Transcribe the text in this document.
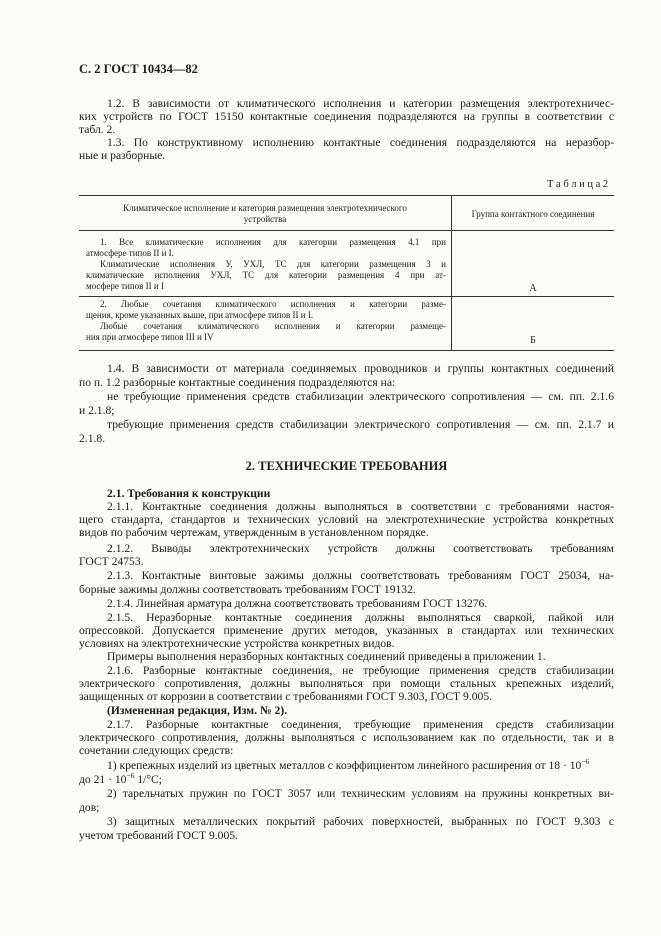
С. 2 ГОСТ 10434—82
1.2. В зависимости от климатического исполнения и категории размещения электротехничес-
ких устройств по ГОСТ 15150 контактные соединения подразделяются на группы в соответствии с
табл. 2.
1.3. По конструктивному исполнению контактные соединения подразделяются на неразбор-
ные и разборные.
Т а б л и ц а 2
Климатическое исполнение и категория размещения электротехнического
устройства	Группа контактного соединения
1. Все климатические исполнения для категории размещения 4.1 при
атмосфере типов II и I.
Климатические исполнения У, УХЛ, ТС для категории размещения 3 и
климатические исполнения УХЛ, ТС для категории размещения 4 при ат-
мосфере типов II и I	А
2. Любые сочетания климатического исполнения и категории разме-
щения, кроме указанных выше, при атмосфере типов II и I.
Любые сочетания климатического исполнения и категории размеще-
ния при атмосфере типов III и IV	Б
1.4. В зависимости от материала соединяемых проводников и группы контактных соединений
по п. 1.2 разборные контактные соединения подразделяются на:
не требующие применения средств стабилизации электрического сопротивления — см. пп. 2.1.6
и 2.1.8;
требующие применения средств стабилизации электрического сопротивления — см. пп. 2.1.7 и
2.1.8.
2. ТЕХНИЧЕСКИЕ ТРЕБОВАНИЯ
2.1. Требования к конструкции
2.1.1. Контактные соединения должны выполняться в соответствии с требованиями настоя-
щего стандарта, стандартов и технических условий на электротехнические устройства конкретных
видов по рабочим чертежам, утвержденным в установленном порядке.
2.1.2. Выводы электротехнических устройств должны соответствовать требованиям
ГОСТ 24753.
2.1.3. Контактные винтовые зажимы должны соответствовать требованиям ГОСТ 25034, на-
борные зажимы должны соответствовать требованиям ГОСТ 19132.
2.1.4. Линейная арматура должна соответствовать требованиям ГОСТ 13276.
2.1.5. Неразборные контактные соединения должны выполняться сваркой, пайкой или
опрессовкой. Допускается применение других методов, указанных в стандартах или технических
условиях на электротехнические устройства конкретных видов.
Примеры выполнения неразборных контактных соединений приведены в приложении 1.
2.1.6. Разборные контактные соединения, не требующие применения средств стабилизации
электрического сопротивления, должны выполняться при помощи стальных крепежных изделий,
защищенных от коррозии в соответствии с требованиями ГОСТ 9.303, ГОСТ 9.005.
(Измененная редакция, Изм. № 2).
2.1.7. Разборные контактные соединения, требующие применения средств стабилизации
электрического сопротивления, должны выполняться с использованием как по отдельности, так и в
сочетании следующих средств:
1) крепежных изделий из цветных металлов с коэффициентом линейного расширения от $18 \cdot 10^{-6}$
до $21 \cdot 10^{-6}$ 1/°С;
2) тарельчатых пружин по ГОСТ 3057 или техническим условиям на пружины конкретных ви-
дов;
3) защитных металлических покрытий рабочих поверхностей, выбранных по ГОСТ 9.303 с
учетом требований ГОСТ 9.005.
